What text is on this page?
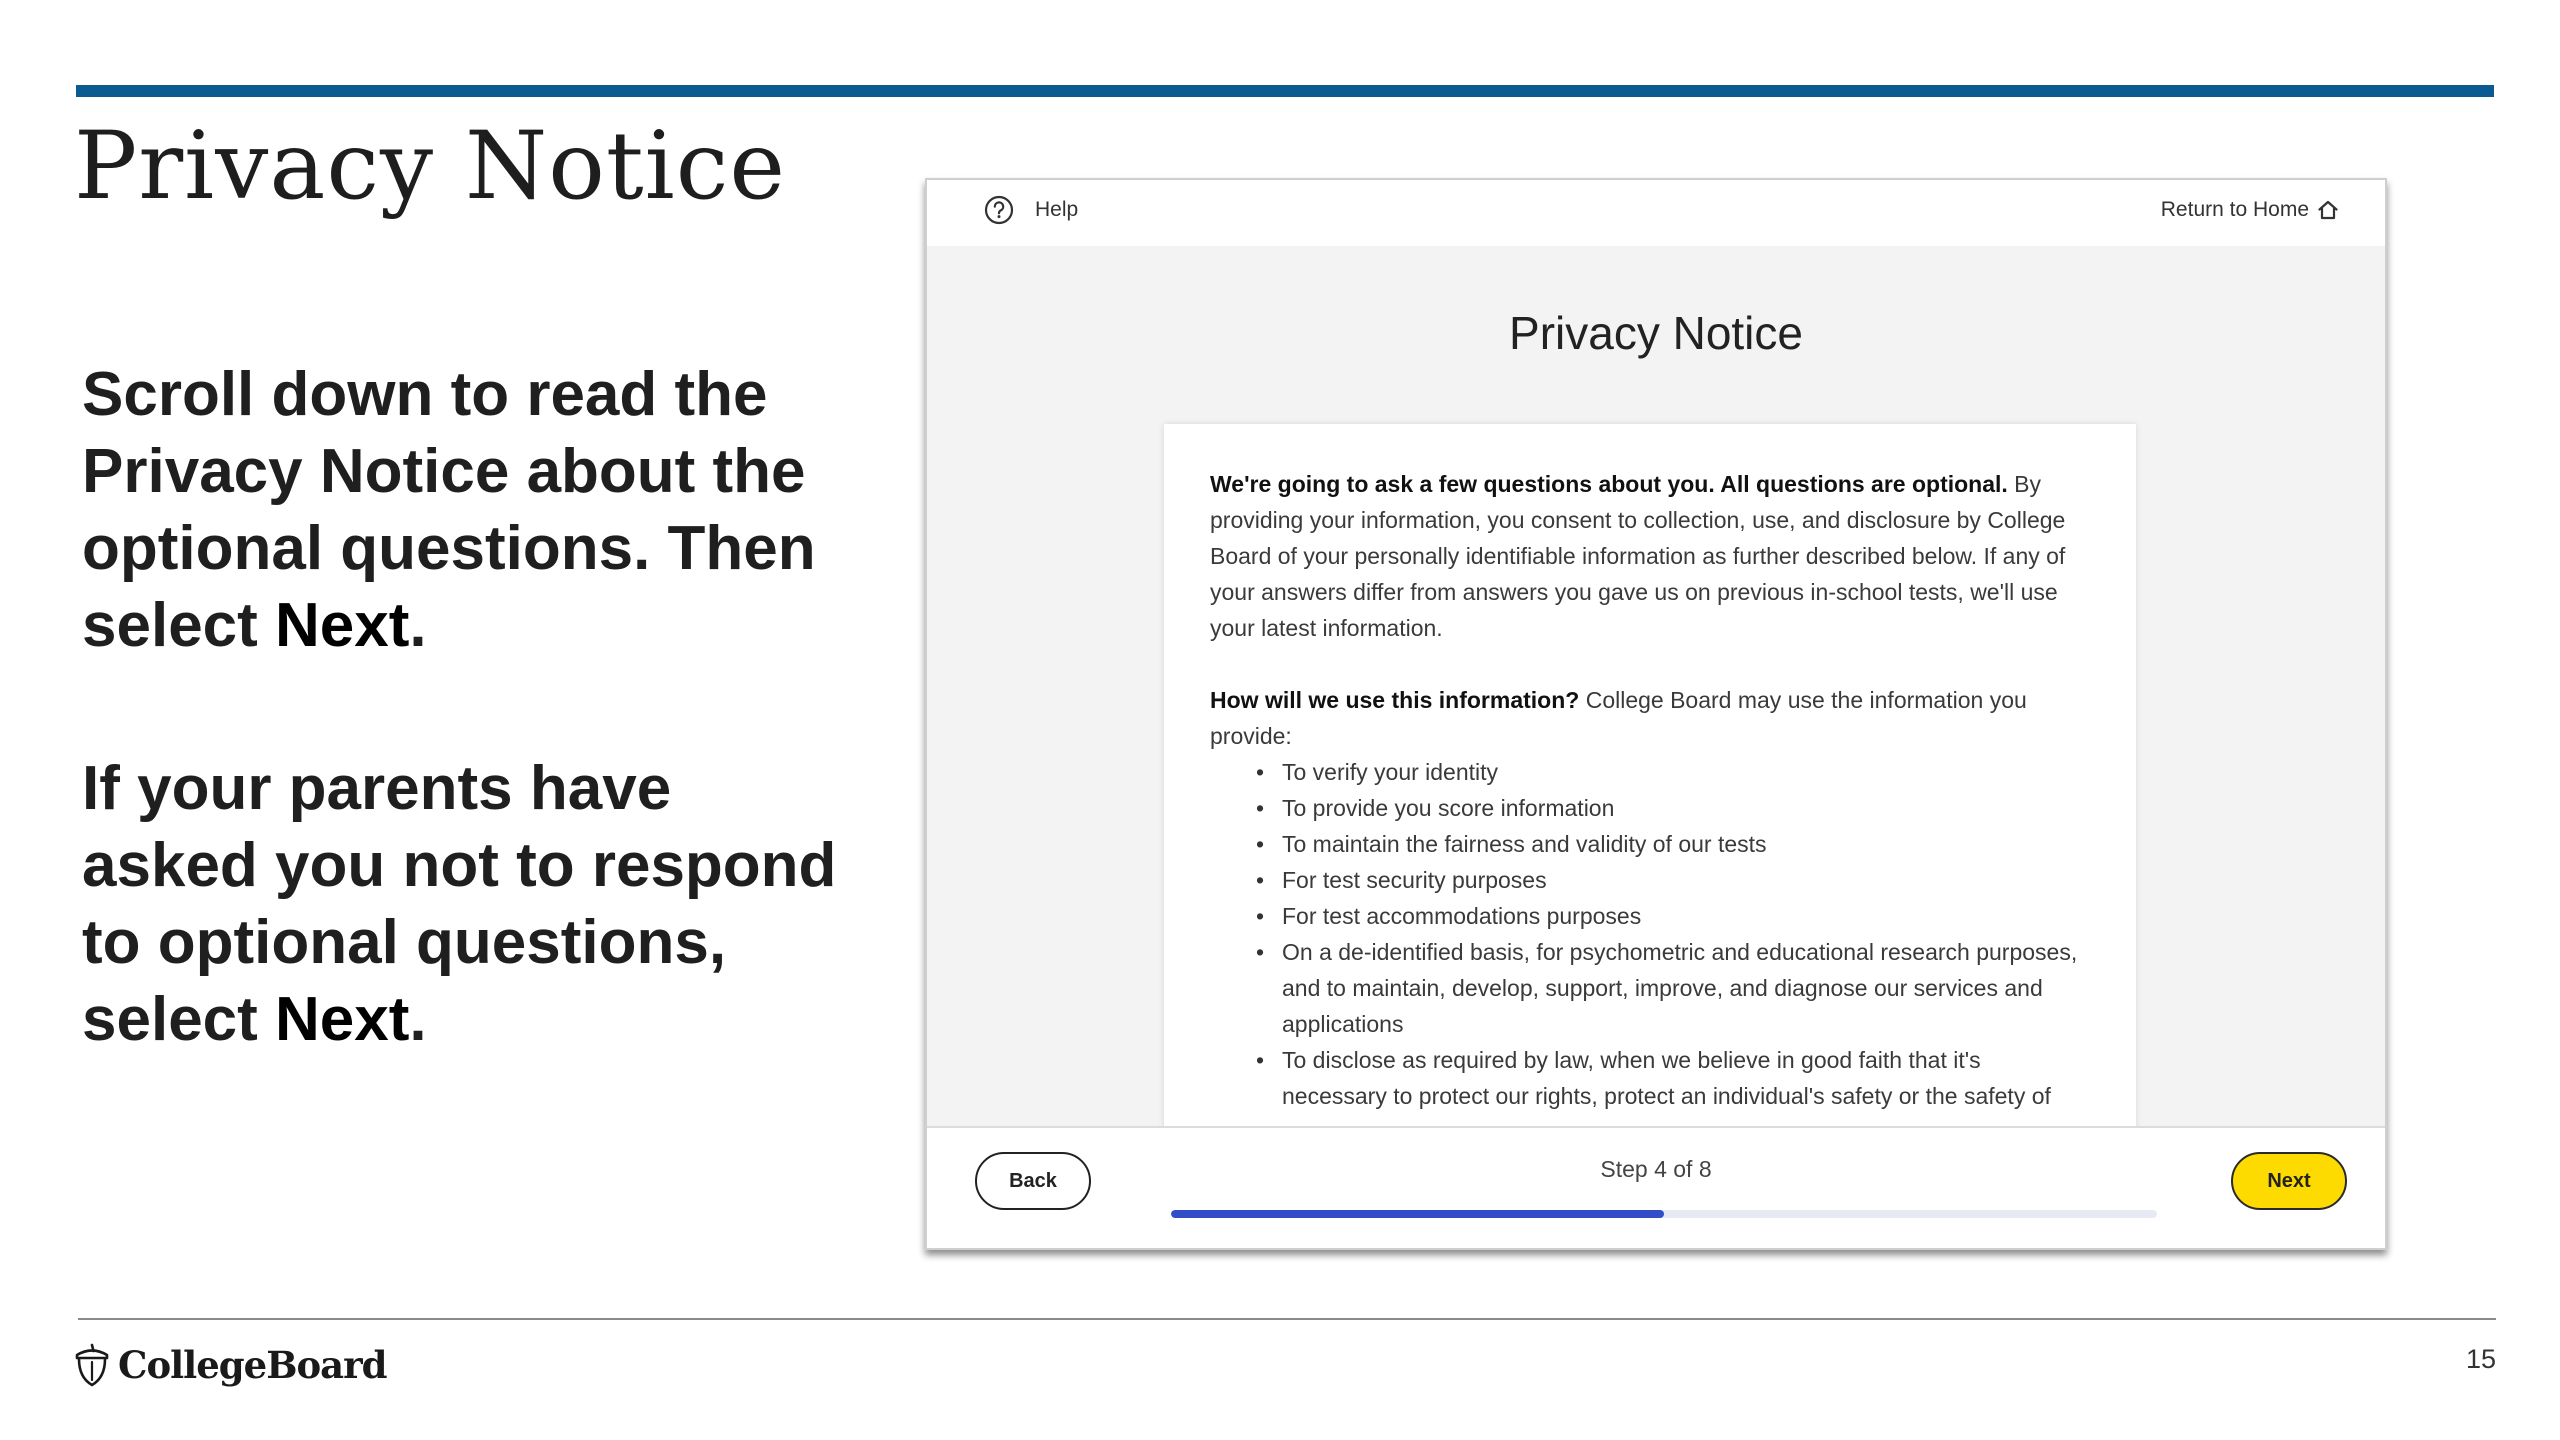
Privacy Notice

Scroll down to read the Privacy Notice about the optional questions. Then select Next.

If your parents have asked you not to respond to optional questions, select Next.

Help	Return to Home
Privacy Notice

We're going to ask a few questions about you. All questions are optional. By providing your information, you consent to collection, use, and disclosure by College Board of your personally identifiable information as further described below. If any of your answers differ from answers you gave us on previous in-school tests, we'll use your latest information.

How will we use this information? College Board may use the information you provide:

• To verify your identity
• To provide you score information
• To maintain the fairness and validity of our tests
• For test security purposes
• For test accommodations purposes
• On a de-identified basis, for psychometric and educational research purposes, and to maintain, develop, support, improve, and diagnose our services and applications
• To disclose as required by law, when we believe in good faith that it's necessary to protect our rights, protect an individual's safety or the safety of
Back	Step 4 of 8	Next
CollegeBoard	15
